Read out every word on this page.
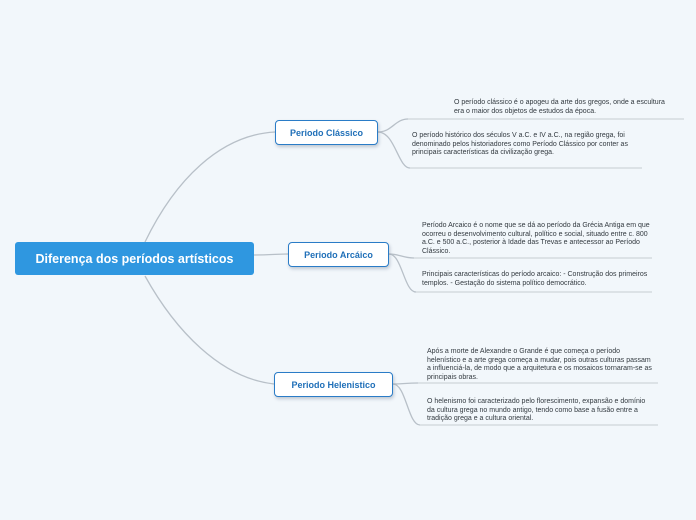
Diferença dos períodos artísticos
Periodo Clássico
Periodo Arcáico
Periodo Helenistico

O período clássico é o apogeu da arte dos gregos, onde a escultura era o maior dos objetos de estudos da época.

O período histórico dos séculos V a.C. e IV a.C., na região grega, foi denominado pelos historiadores como Período Clássico por conter as principais características da civilização grega.

Período Arcaico é o nome que se dá ao período da Grécia Antiga em que ocorreu o desenvolvimento cultural, político e social, situado entre c. 800 a.C. e 500 a.C., posterior à Idade das Trevas e antecessor ao Período Clássico.

Principais características do período arcaico: - Construção dos primeiros templos. - Gestação do sistema político democrático.

Após a morte de Alexandre o Grande é que começa o período helenístico e a arte grega começa a mudar, pois outras culturas passam a influenciá-la, de modo que a arquitetura e os mosaicos tornaram-se as principais obras.

O helenismo foi caracterizado pelo florescimento, expansão e domínio da cultura grega no mundo antigo, tendo como base a fusão entre a tradição grega e a cultura oriental.
